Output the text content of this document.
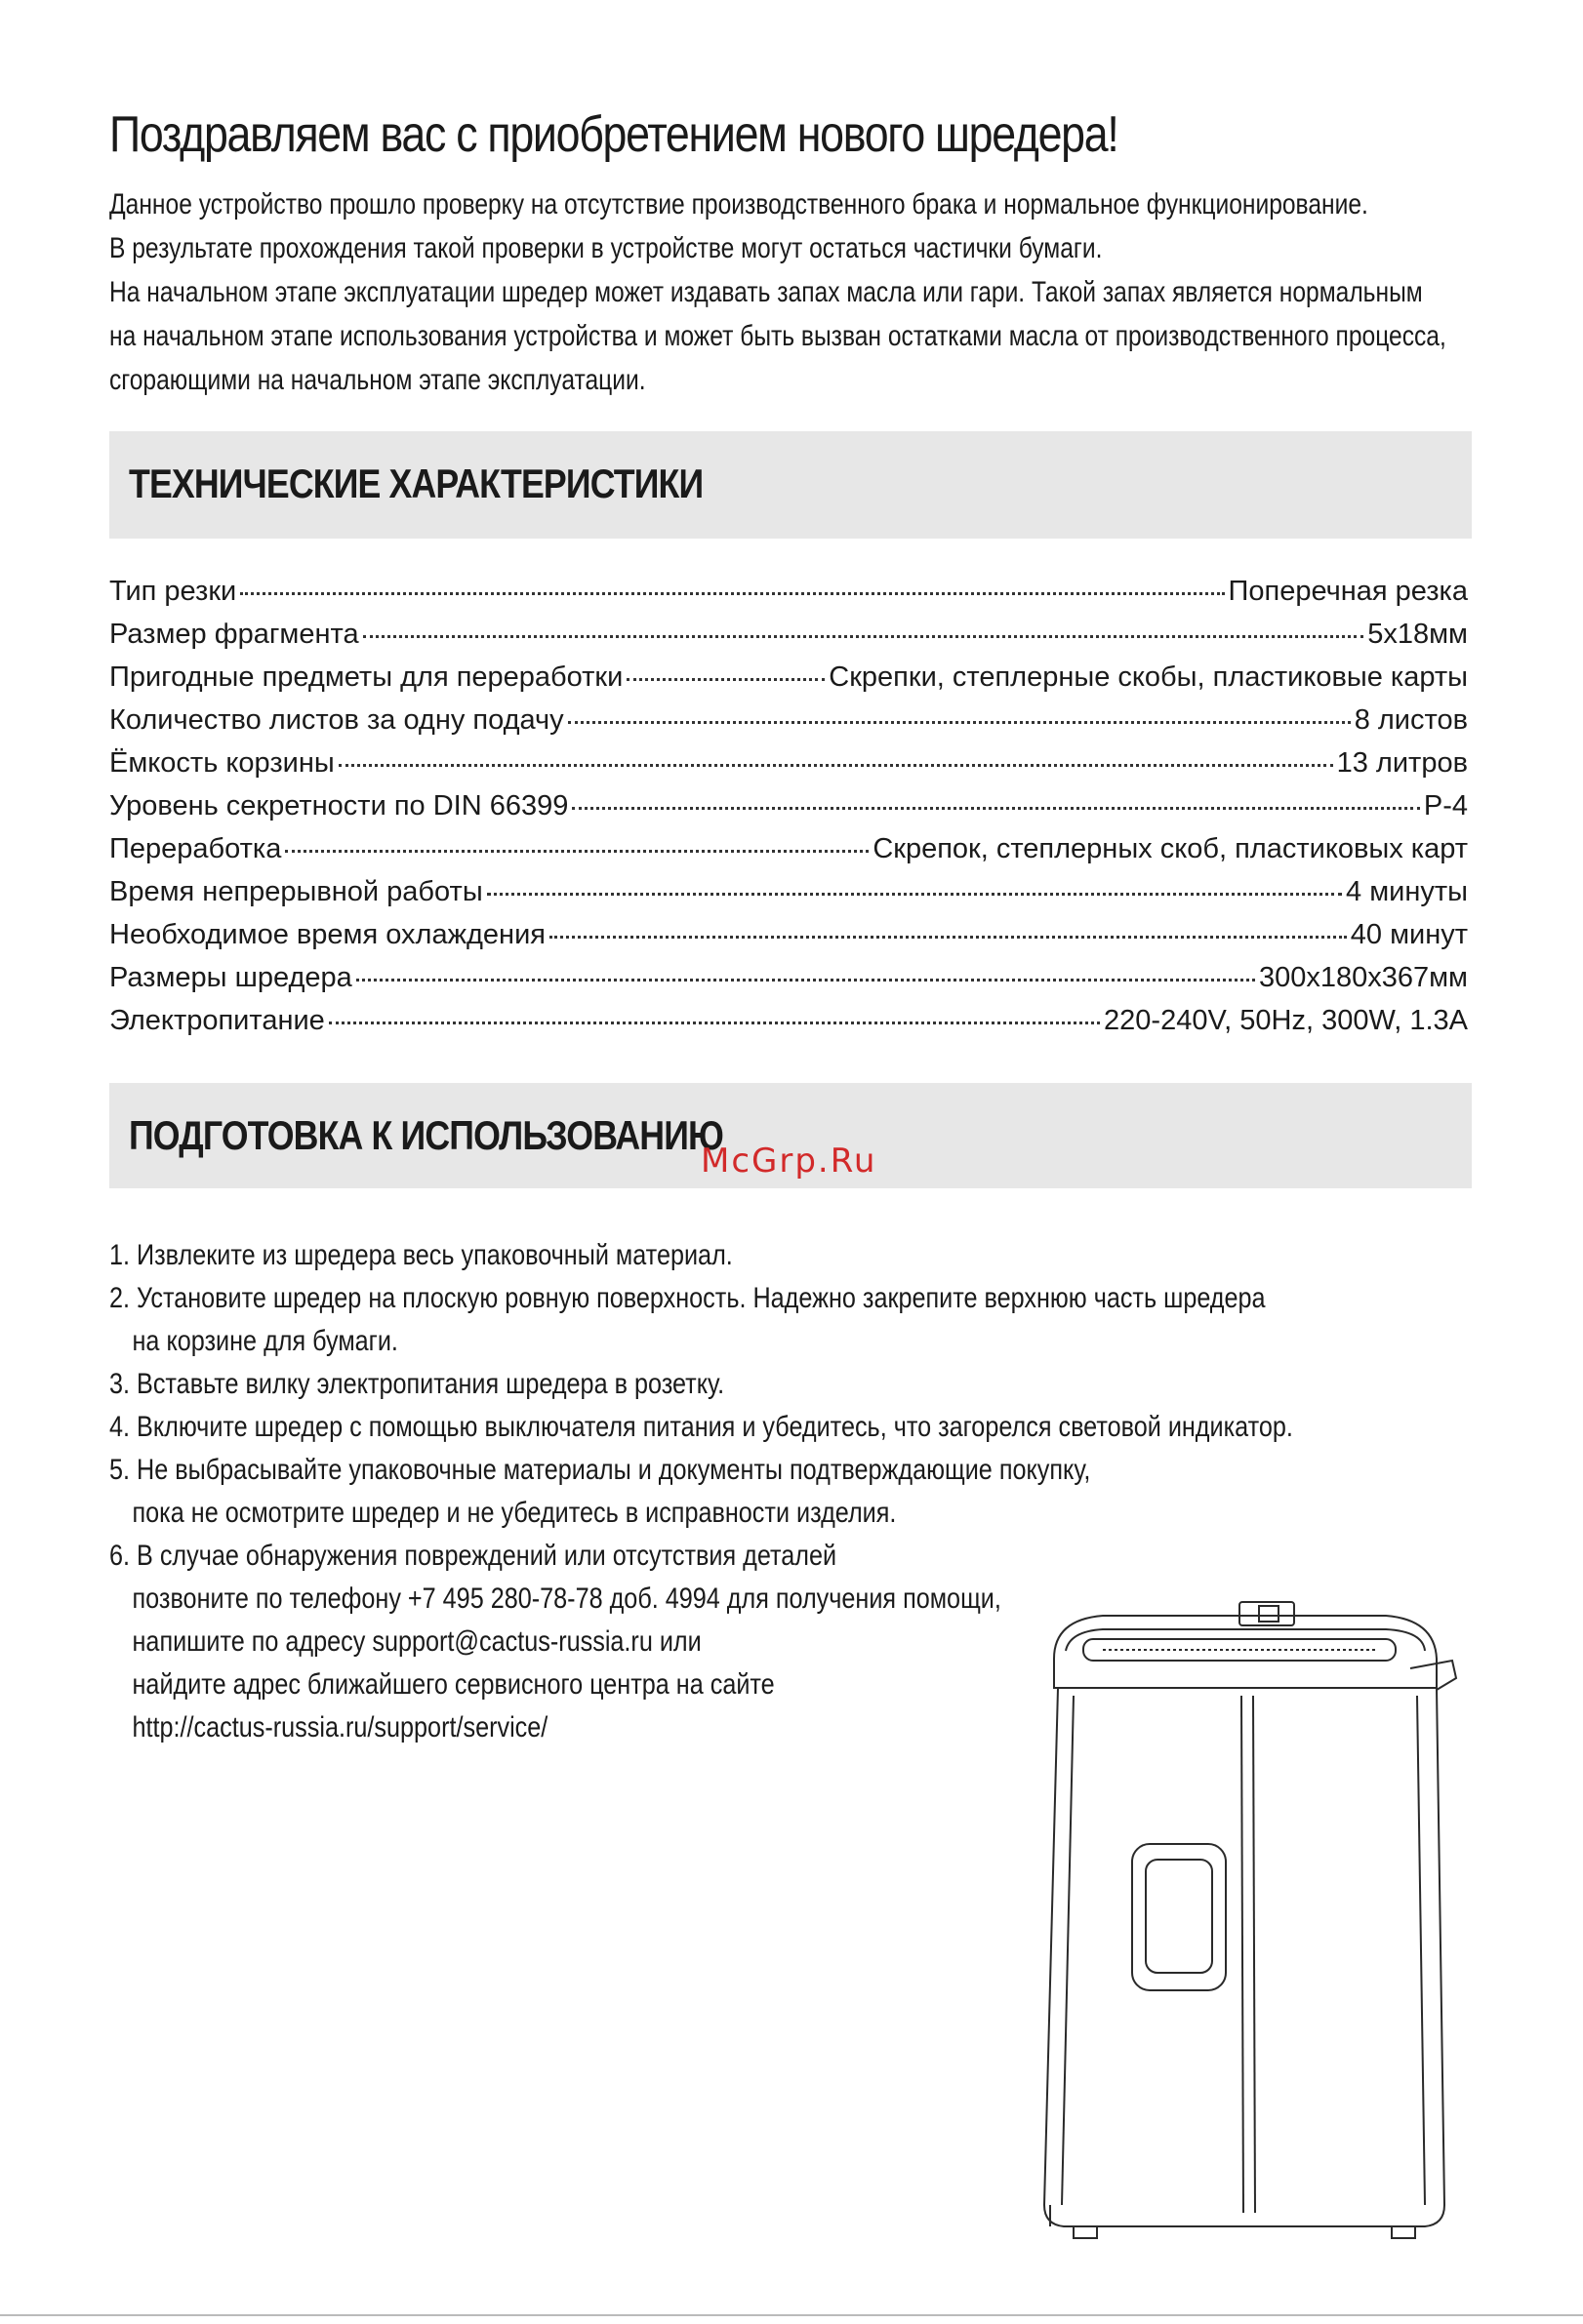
Поздравляем вас с приобретением нового шредера!

Данное устройство прошло проверку на отсутствие производственного брака и нормальное функционирование.

В результате прохождения такой проверки в устройстве могут остаться частички бумаги.

На начальном этапе эксплуатации шредер может издавать запах масла или гари. Такой запах является нормальным

на начальном этапе использования устройства и может быть вызван остатками масла от производственного процесса,

сгорающими на начальном этапе эксплуатации.

ТЕХНИЧЕСКИЕ ХАРАКТЕРИСТИКИ
Тип резки	Поперечная резка
Размер фрагмента	5x18мм
Пригодные предметы для переработки	Скрепки, степлерные скобы, пластиковые карты
Количество листов за одну подачу	8 листов
Ёмкость корзины	13 литров
Уровень секретности по DIN 66399	P-4
Переработка	Скрепок, степлерных скоб, пластиковых карт
Время непрерывной работы	4 минуты
Необходимое время охлаждения	40 минут
Размеры шредера	300x180x367мм
Электропитание	220-240V, 50Hz, 300W, 1.3A
ПОДГОТОВКА К ИСПОЛЬЗОВАНИЮ
McGrp.Ru

1. Извлеките из шредера весь упаковочный материал.

2. Установите шредер на плоскую ровную поверхность. Надежно закрепите верхнюю часть шредера

на корзине для бумаги.

3. Вставьте вилку электропитания шредера в розетку.

4. Включите шредер с помощью выключателя питания и убедитесь, что загорелся световой индикатор.

5. Не выбрасывайте упаковочные материалы и документы подтверждающие покупку,

пока не осмотрите шредер и не убедитесь в исправности изделия.

6. В случае обнаружения повреждений или отсутствия деталей

позвоните по телефону +7 495 280-78-78 доб. 4994 для получения помощи,

напишите по адресу support@cactus-russia.ru или

найдите адрес ближайшего сервисного центра на сайте

http://cactus-russia.ru/support/service/
